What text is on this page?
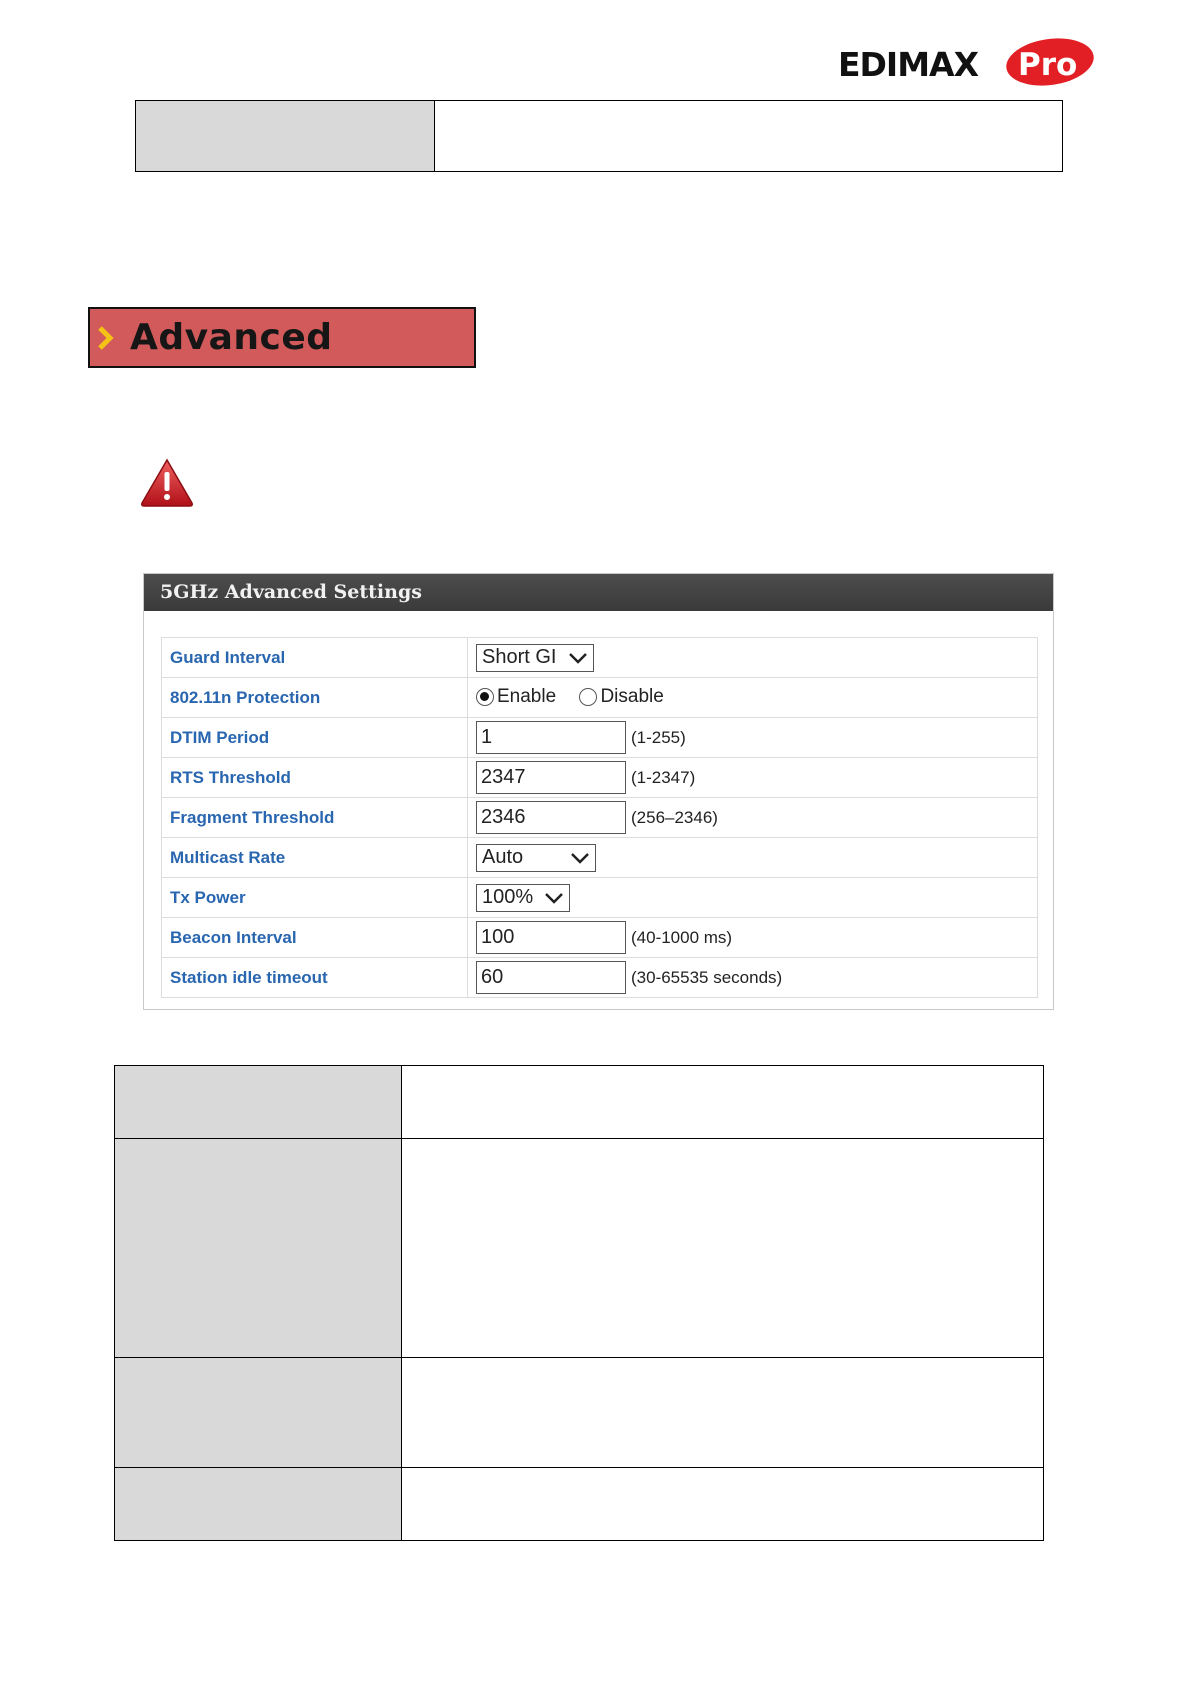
EDIMAX Pro
Advanced
5GHz Advanced Settings
Guard Interval	Short GI

802.11n Protection	Enable Disable
DTIM Period	1 (1-255)
RTS Threshold	2347 (1-2347)
Fragment Threshold	2346 (256–2346)
Multicast Rate	Auto

Tx Power	100%

Beacon Interval	100 (40-1000 ms)
Station idle timeout	60 (30-65535 seconds)
